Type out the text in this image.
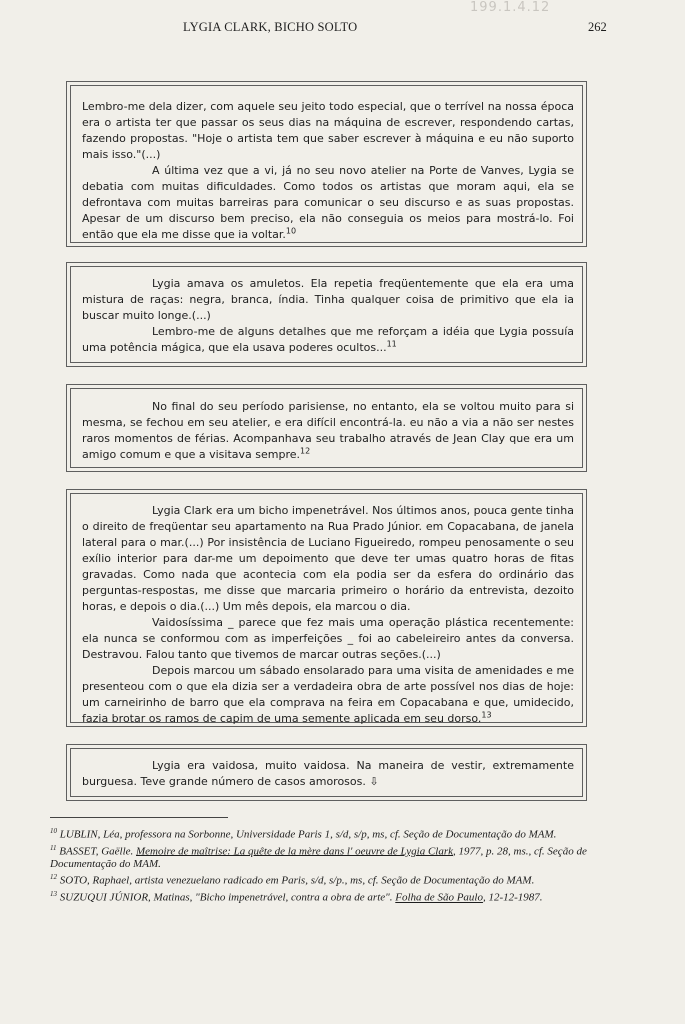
LYGIA CLARK, BICHO SOLTO	262
199.1.4.12

Lembro-me dela dizer, com aquele seu jeito todo especial, que o terrível na nossa época era o artista ter que passar os seus dias na máquina de escrever, respondendo cartas, fazendo propostas. "Hoje o artista tem que saber escrever à máquina e eu não suporto mais isso."(...)

A última vez que a vi, já no seu novo atelier na Porte de Vanves, Lygia se debatia com muitas dificuldades. Como todos os artistas que moram aqui, ela se defrontava com muitas barreiras para comunicar o seu discurso e as suas propostas. Apesar de um discurso bem preciso, ela não conseguia os meios para mostrá-lo. Foi então que ela me disse que ia voltar.$^{10}$

Lygia amava os amuletos. Ela repetia freqüentemente que ela era uma mistura de raças: negra, branca, índia. Tinha qualquer coisa de primitivo que ela ia buscar muito longe.(...)

Lembro-me de alguns detalhes que me reforçam a idéia que Lygia possuía uma potência mágica, que ela usava poderes ocultos...$^{11}$

No final do seu período parisiense, no entanto, ela se voltou muito para si mesma, se fechou em seu atelier, e era difícil encontrá-la. eu não a via a não ser nestes raros momentos de férias. Acompanhava seu trabalho através de Jean Clay que era um amigo comum e que a visitava sempre.$^{12}$

Lygia Clark era um bicho impenetrável. Nos últimos anos, pouca gente tinha o direito de freqüentar seu apartamento na Rua Prado Júnior. em Copacabana, de janela lateral para o mar.(...) Por insistência de Luciano Figueiredo, rompeu penosamente o seu exílio interior para dar-me um depoimento que deve ter umas quatro horas de fitas gravadas. Como nada que acontecia com ela podia ser da esfera do ordinário das perguntas-respostas, me disse que marcaria primeiro o horário da entrevista, dezoito horas, e depois o dia.(...) Um mês depois, ela marcou o dia.

Vaidosíssima _ parece que fez mais uma operação plástica recentemente: ela nunca se conformou com as imperfeições _ foi ao cabeleireiro antes da conversa. Destravou. Falou tanto que tivemos de marcar outras seções.(...)

Depois marcou um sábado ensolarado para uma visita de amenidades e me presenteou com o que ela dizia ser a verdadeira obra de arte possível nos dias de hoje: um carneirinho de barro que ela comprava na feira em Copacabana e que, umidecido, fazia brotar os ramos de capim de uma semente aplicada em seu dorso.$^{13}$

Lygia era vaidosa, muito vaidosa. Na maneira de vestir, extremamente burguesa. Teve grande número de casos amorosos. ⇩

$^{10}$ LUBLIN, Léa, professora na Sorbonne, Universidade Paris 1, s/d, s/p, ms, cf. Seção de Documentação do MAM.

$^{11}$ BASSET, Gaëlle. Memoire de maîtrise: La quête de la mère dans l' oeuvre de Lygia Clark, 1977, p. 28, ms., cf. Seção de Documentação do MAM.

$^{12}$ SOTO, Raphael, artista venezuelano radicado em Paris, s/d, s/p., ms, cf. Seção de Documentação do MAM.

$^{13}$ SUZUQUI JÚNIOR, Matinas, "Bicho impenetrável, contra a obra de arte". Folha de São Paulo, 12-12-1987.
